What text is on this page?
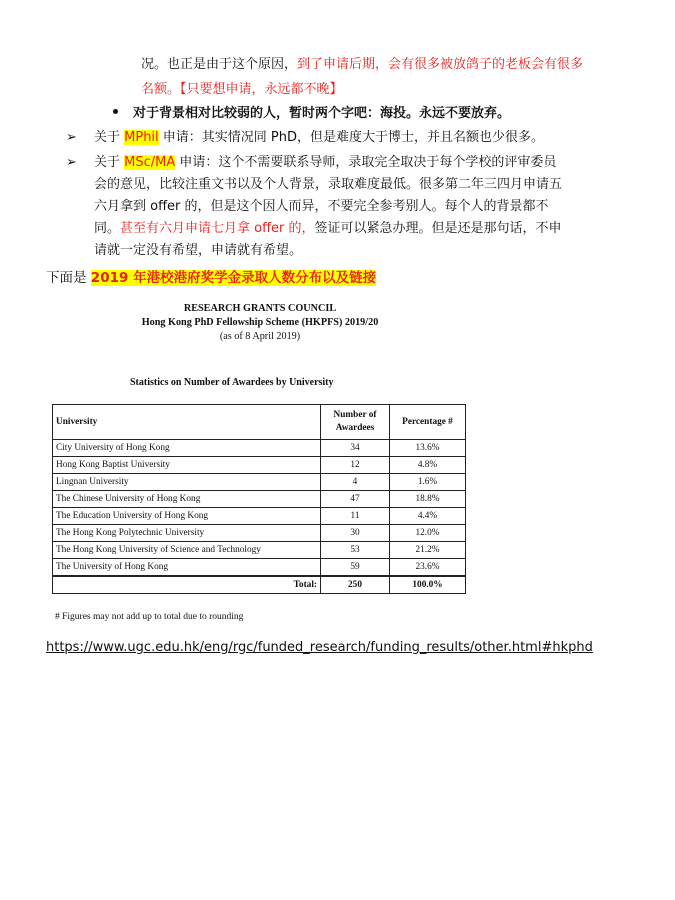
况。也正是由于这个原因，到了申请后期，会有很多被放鸽子的老板会有很多
名额。【只要想申请，永远都不晚】
对于背景相对比较弱的人，暂时两个字吧：海投。永远不要放弃。
➢ 关于 MPhil 申请：其实情况同 PhD，但是难度大于博士，并且名额也少很多。
➢ 关于 MSc/MA 申请：这个不需要联系导师，录取完全取决于每个学校的评审委员
会的意见，比较注重文书以及个人背景，录取难度最低。很多第二年三四月申请五
六月拿到 offer 的，但是这个因人而异，不要完全参考别人。每个人的背景都不
同。甚至有六月申请七月拿 offer 的，签证可以紧急办理。但是还是那句话，不申
请就一定没有希望，申请就有希望。
下面是 2019 年港校港府奖学金录取人数分布以及链接
RESEARCH GRANTS COUNCIL
Hong Kong PhD Fellowship Scheme (HKPFS) 2019/20
(as of 8 April 2019)
Statistics on Number of Awardees by University
University	Number of Awardees	Percentage #
City University of Hong Kong	34	13.6%
Hong Kong Baptist University	12	4.8%
Lingnan University	4	1.6%
The Chinese University of Hong Kong	47	18.8%
The Education University of Hong Kong	11	4.4%
The Hong Kong Polytechnic University	30	12.0%
The Hong Kong University of Science and Technology	53	21.2%
The University of Hong Kong	59	23.6%
Total:	250	100.0%
# Figures may not add up to total due to rounding
https://www.ugc.edu.hk/eng/rgc/funded_research/funding_results/other.html#hkphd
